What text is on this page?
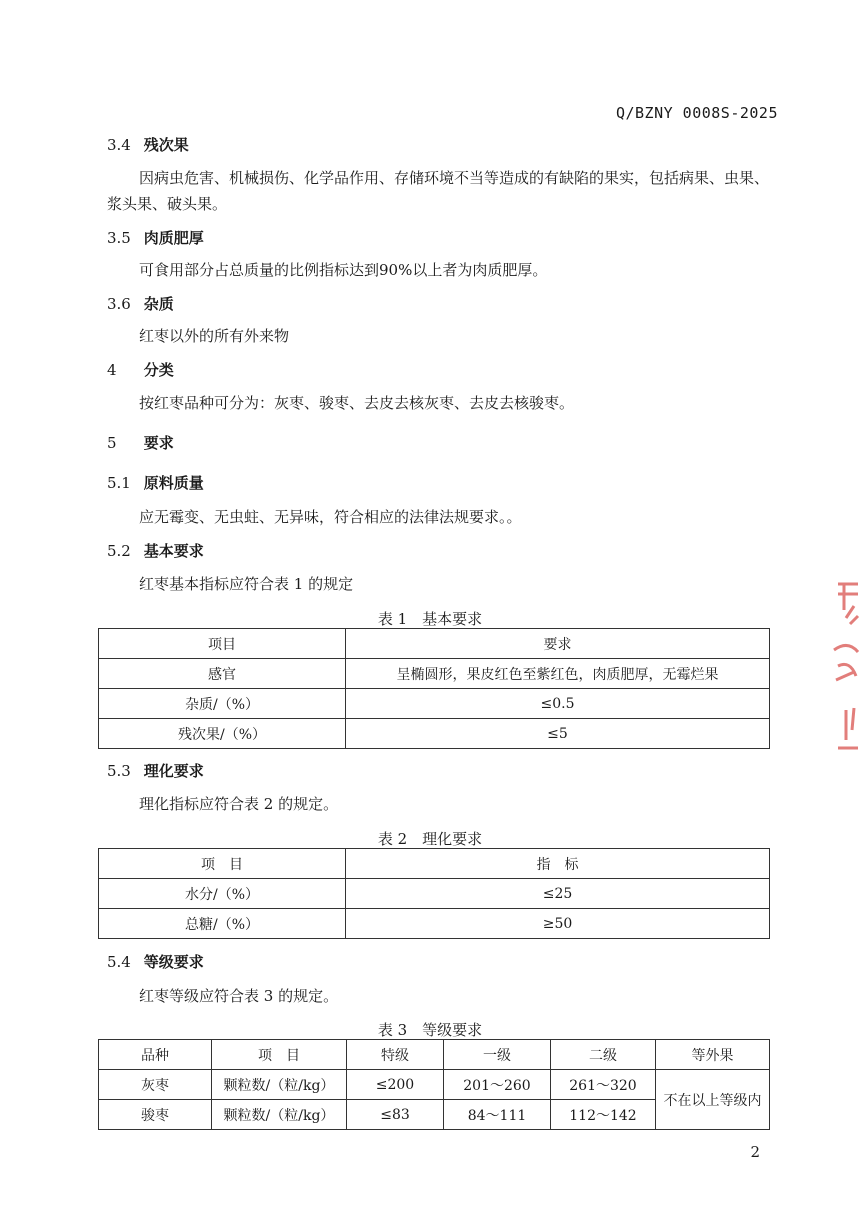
Q/BZNY 0008S-2025
3.4 残次果
因病虫危害、机械损伤、化学品作用、存储环境不当等造成的有缺陷的果实，包括病果、虫果、浆头果、破头果。
3.5 肉质肥厚
可食用部分占总质量的比例指标达到90%以上者为肉质肥厚。
3.6 杂质
红枣以外的所有外来物
4 分类
按红枣品种可分为：灰枣、骏枣、去皮去核灰枣、去皮去核骏枣。
5 要求
5.1 原料质量
应无霉变、无虫蛀、无异味，符合相应的法律法规要求。。
5.2 基本要求
红枣基本指标应符合表 1 的规定
表 1　基本要求
项目	要求
感官	呈椭圆形，果皮红色至紫红色，肉质肥厚，无霉烂果
杂质/（%）	≤0.5
残次果/（%）	≤5
5.3 理化要求
理化指标应符合表 2 的规定。
表 2　理化要求
项　目	指　标
水分/（%）	≤25
总糖/（%）	≥50
5.4 等级要求
红枣等级应符合表 3 的规定。
表 3　等级要求
品种	项　目	特级	一级	二级	等外果
灰枣	颗粒数/（粒/kg）	≤200	201～260	261～320	不在以上等级内
骏枣	颗粒数/（粒/kg）	≤83	84～111	112～142	
2
